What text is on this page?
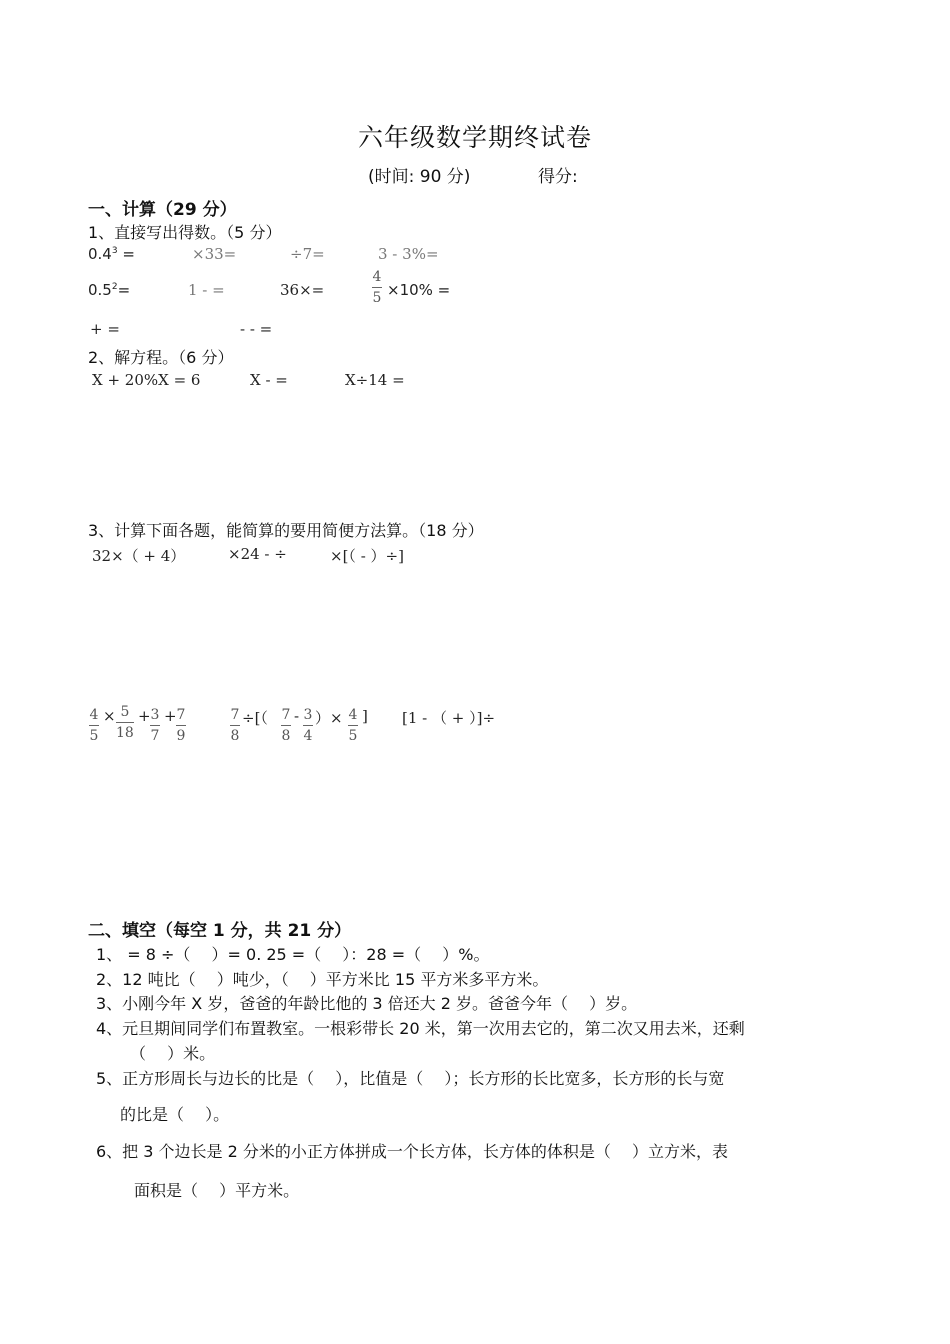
六年级数学期终试卷
(时间: 90 分)	得分:
一、计算（29 分）
1、直接写出得数。（5 分）
$0.4^3$ =	×33=	÷7=	3 - 3%=
$0.5^2=$	1 - =	36×=
4
5 ×10% =
+ =	- - =
2、解方程。（6 分）
X + 20%X = 6	X - =	X÷14 =
3、计算下面各题，能简算的要用简便方法算。（18 分）
32×（ + 4）	×24 - ÷	×[（ - ）÷]
4
5
× 5
18
+ 3
7
+ 7
9
7
8
÷[（ 7
8
- 3
4
）× 4
5
] [1 - （ + ）]÷
二、填空（每空 1 分，共 21 分）
1、 = 8 ÷（　 ）= 0. 25 =（　 ）：28 =（　 ）%。
2、12 吨比（　 ）吨少，（　 ）平方米比 15 平方米多平方米。
3、小刚今年 X 岁，爸爸的年龄比他的 3 倍还大 2 岁。爸爸今年（　 ）岁。
4、元旦期间同学们布置教室。一根彩带长 20 米，第一次用去它的，第二次又用去米，还剩
（　 ）米。
5、正方形周长与边长的比是（　 ），比值是（　 ）；长方形的长比宽多，长方形的长与宽
的比是（　 ）。
6、把 3 个边长是 2 分米的小正方体拼成一个长方体，长方体的体积是（　 ）立方米，表
面积是（　 ）平方米。
